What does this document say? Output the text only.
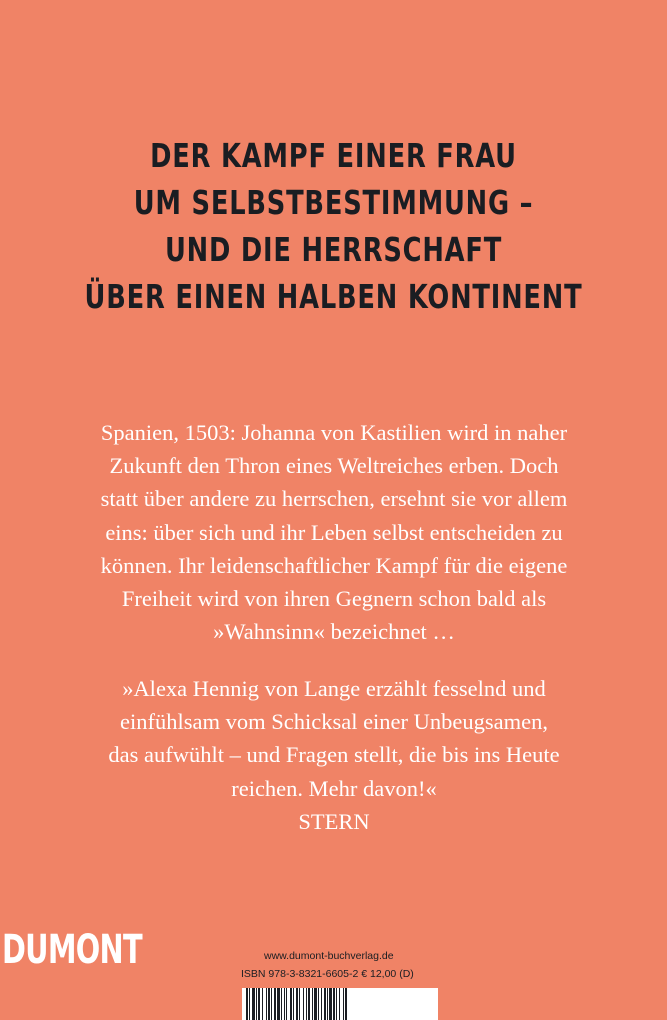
DER KAMPF EINER FRAU
UM SELBSTBESTIMMUNG –
UND DIE HERRSCHAFT
ÜBER EINEN HALBEN KONTINENT
Spanien, 1503: Johanna von Kastilien wird in naher
Zukunft den Thron eines Weltreiches erben. Doch
statt über andere zu herrschen, ersehnt sie vor allem
eins: über sich und ihr Leben selbst entscheiden zu
können. Ihr leidenschaftlicher Kampf für die eigene
Freiheit wird von ihren Gegnern schon bald als
»Wahnsinn« bezeichnet …
»Alexa Hennig von Lange erzählt fesselnd und
einfühlsam vom Schicksal einer Unbeugsamen,
das aufwühlt – und Fragen stellt, die bis ins Heute
reichen. Mehr davon!«
STERN
DUMONT	www.dumont-buchverlag.de
ISBN 978-3-8321-6605-2 € 12,00 (D)
